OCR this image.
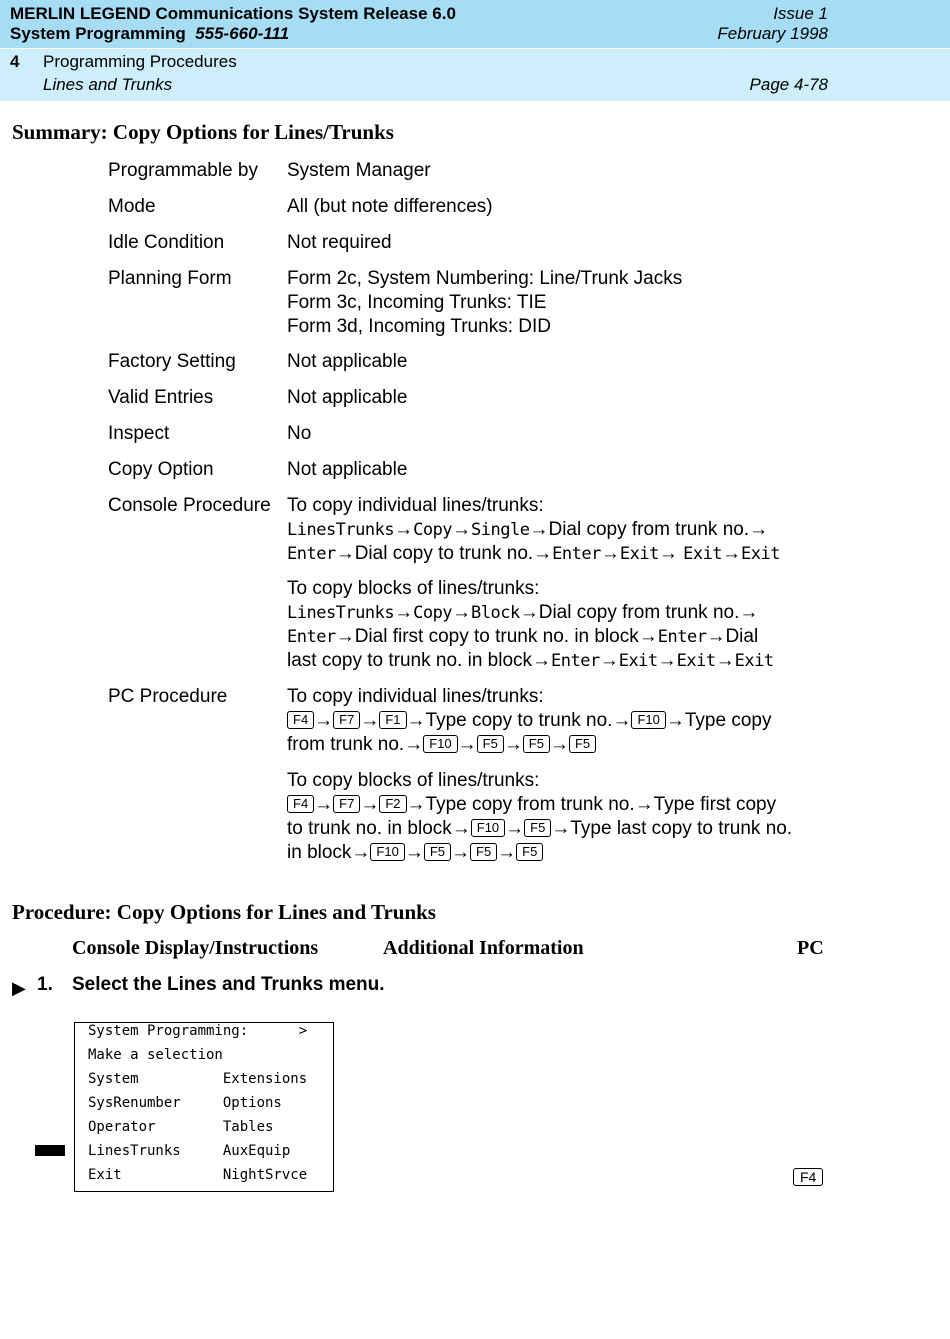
MERLIN LEGEND Communications System Release 6.0
System Programming 555-660-111
Issue 1
February 1998
4 Programming Procedures
Lines and Trunks	Page 4-78
Summary: Copy Options for Lines/Trunks
Programmable by System Manager
Mode	All (but note differences)
Idle Condition	Not required
Planning Form	Form 2c, System Numbering: Line/Trunk Jacks
Form 3c, Incoming Trunks: TIE
Form 3d, Incoming Trunks: DID
Factory Setting	Not applicable
Valid Entries	Not applicable
Inspect	No
Copy Option	Not applicable
Console Procedure To copy individual lines/trunks:
LinesTrunks→Copy→Single→Dial copy from trunk no.→
Enter→Dial copy to trunk no.→Enter→Exit→ Exit→Exit
To copy blocks of lines/trunks:
LinesTrunks→Copy→Block→Dial copy from trunk no.→
Enter→Dial first copy to trunk no. in block→Enter→Dial
last copy to trunk no. in block→Enter→Exit→Exit→Exit
PC Procedure	To copy individual lines/trunks:
F4 → F7 → F1 →Type copy to trunk no.→ F10 →Type copy
from trunk no.→ F10 → F5 → F5 → F5
To copy blocks of lines/trunks:
F4 → F7 → F2 →Type copy from trunk no.→Type first copy
to trunk no. in block→ F10 → F5 →Type last copy to trunk no.
in block→ F10 → F5 → F5 → F5
Procedure: Copy Options for Lines and Trunks
Console Display/Instructions	Additional Information	PC
▶ 1. Select the Lines and Trunks menu.
System Programming:      >
Make a selection
System          Extensions
SysRenumber     Options
Operator        Tables
LinesTrunks     AuxEquip
Exit            NightSrvce	F4
